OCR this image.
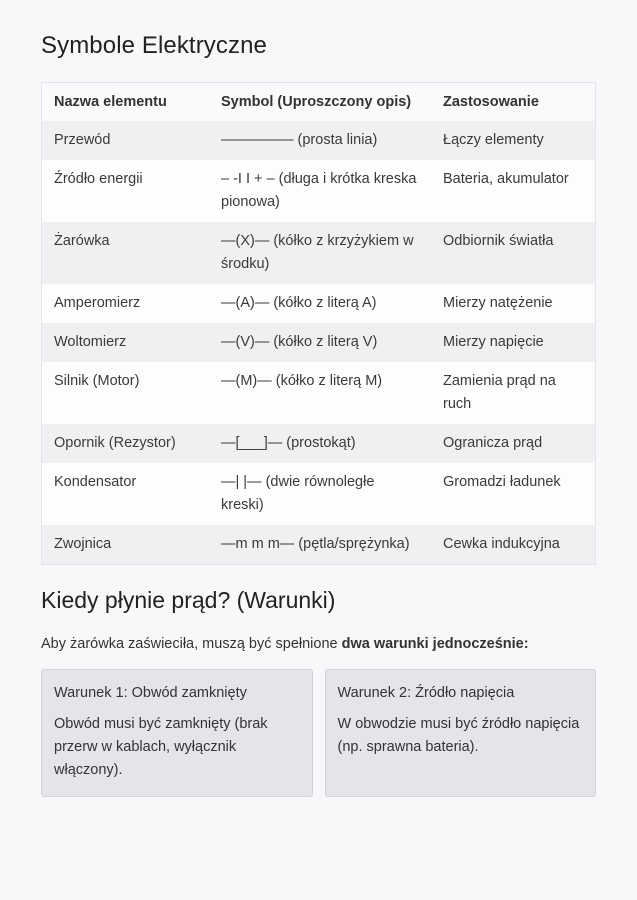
Symbole Elektryczne
Nazwa elementu	Symbol (Uproszczony opis)	Zastosowanie
Przewód	————— (prosta linia)	Łączy elementy
Źródło energii	– -I I + – (długa i krótka kreska pionowa)	Bateria, akumulator
Żarówka	—(X)— (kółko z krzyżykiem w środku)	Odbiornik światła
Amperomierz	—(A)— (kółko z literą A)	Mierzy natężenie
Woltomierz	—(V)— (kółko z literą V)	Mierzy napięcie
Silnik (Motor)	—(M)— (kółko z literą M)	Zamienia prąd na ruch
Opornik (Rezystor)	—[___]— (prostokąt)	Ogranicza prąd
Kondensator	—| |— (dwie równoległe kreski)	Gromadzi ładunek
Zwojnica	—m m m— (pętla/sprężynka)	Cewka indukcyjna
Kiedy płynie prąd? (Warunki)

Aby żarówka zaświeciła, muszą być spełnione dwa warunki jednocześnie:

Warunek 1: Obwód zamknięty

Obwód musi być zamknięty (brak przerw w kablach, wyłącznik włączony).

Warunek 2: Źródło napięcia

W obwodzie musi być źródło napięcia (np. sprawna bateria).
